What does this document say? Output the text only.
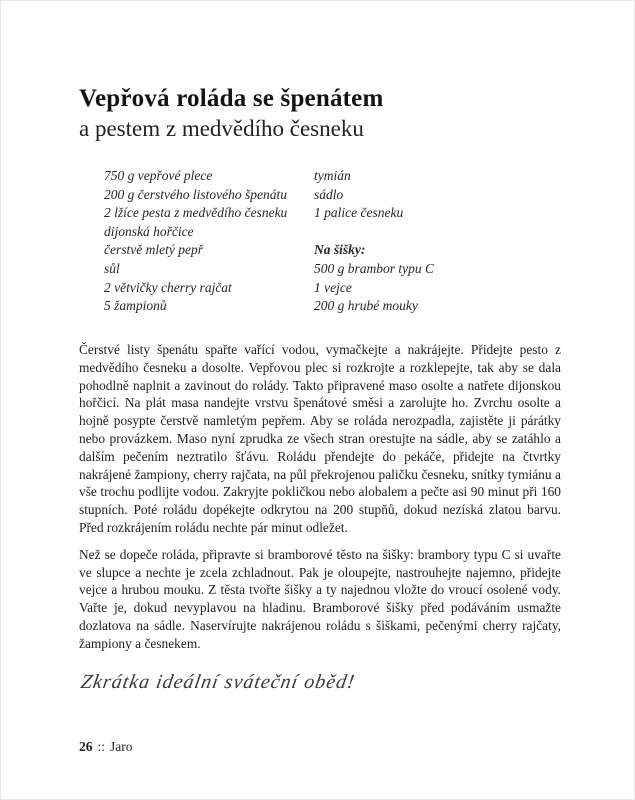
Vepřová roláda se špenátem
a pestem z medvědího česneku
750 g vepřové plece
200 g čerstvého listového špenátu
2 lžíce pesta z medvědího česneku
dijonská hořčice
čerstvě mletý pepř
sůl
2 větvičky cherry rajčat
5 žampionů
tymián
sádlo
1 palice česneku
Na šišky:
500 g brambor typu C
1 vejce
200 g hrubé mouky

Čerstvé listy špenátu spařte vařící vodou, vymačkejte a nakrájejte. Přidejte pesto z medvědího česneku a dosolte. Vepřovou plec si rozkrojte a rozklepejte, tak aby se dala pohodlně naplnit a zavinout do rolády. Takto připravené maso osolte a natřete dijonskou hořčicí. Na plát masa nandejte vrstvu špenátové směsi a zarolujte ho. Zvrchu osolte a hojně posypte čerstvě namletým pepřem. Aby se roláda nerozpadla, zajistěte ji párátky nebo provázkem. Maso nyní zprudka ze všech stran orestujte na sádle, aby se zatáhlo a dalším pečením neztratilo šťávu. Roládu přendejte do pekáče, přidejte na čtvrtky nakrájené žampiony, cherry rajčata, na půl překrojenou paličku česneku, snítky tymiánu a vše trochu podlijte vodou. Zakryjte pokličkou nebo alobalem a pečte asi 90 minut při 160 stupních. Poté roládu dopékejte odkrytou na 200 stupňů, dokud nezíská zlatou barvu. Před rozkrájením roládu nechte pár minut odležet.

Než se dopeče roláda, připravte si bramborové těsto na šišky: brambory typu C si uvařte ve slupce a nechte je zcela zchladnout. Pak je oloupejte, nastrouhejte najemno, přidejte vejce a hrubou mouku. Z těsta tvořte šišky a ty najednou vložte do vroucí osolené vody. Vařte je, dokud nevyplavou na hladinu. Bramborové šišky před podáváním usmažte dozlatova na sádle. Naservírujte nakrájenou roládu s šiškami, pečenými cherry rajčaty, žampiony a česnekem.

Zkrátka ideální sváteční oběd!
26 :: Jaro
